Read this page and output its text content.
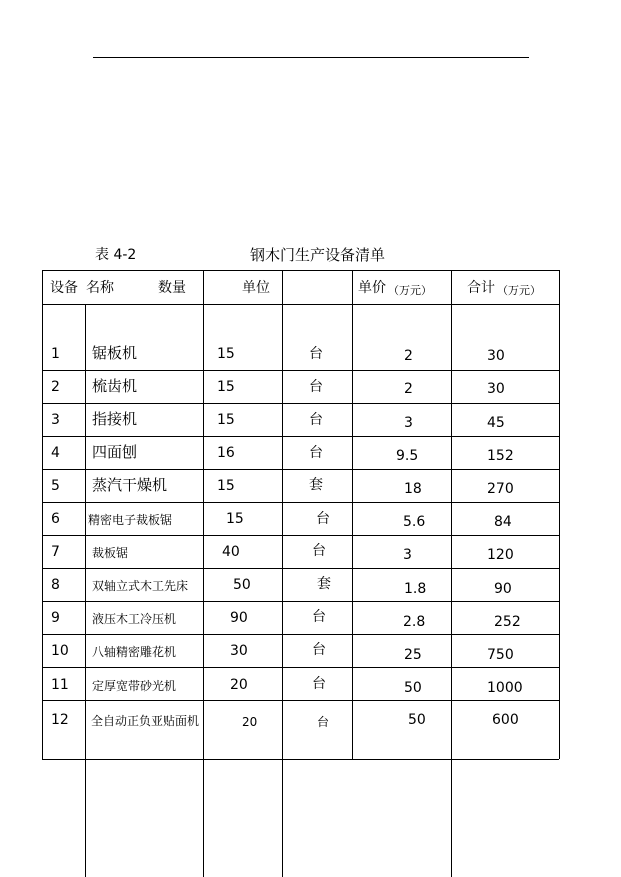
表 4-2	钢木门生产设备清单
设备 名称	数量	单位	单价 （万元）	合计 （万元）
1 锯板机	15	台	2	30
2 梳齿机	15	台	2	30
3 指接机	15	台	3	45
4 四面刨	16	台	9.5	152
5 蒸汽干燥机	15	套	18	270
6 精密电子裁板锯	15	台	5.6	84
7	裁板锯	40	台	3	120
8	双轴立式木工先床	50	套	1.8	90
9	液压木工冷压机	90	台	2.8	252
10 八轴精密雕花机	30	台	25	750
11 定厚宽带砂光机	20	台	50	1000
12 全自动正负亚贴面机	20	台	50	600
